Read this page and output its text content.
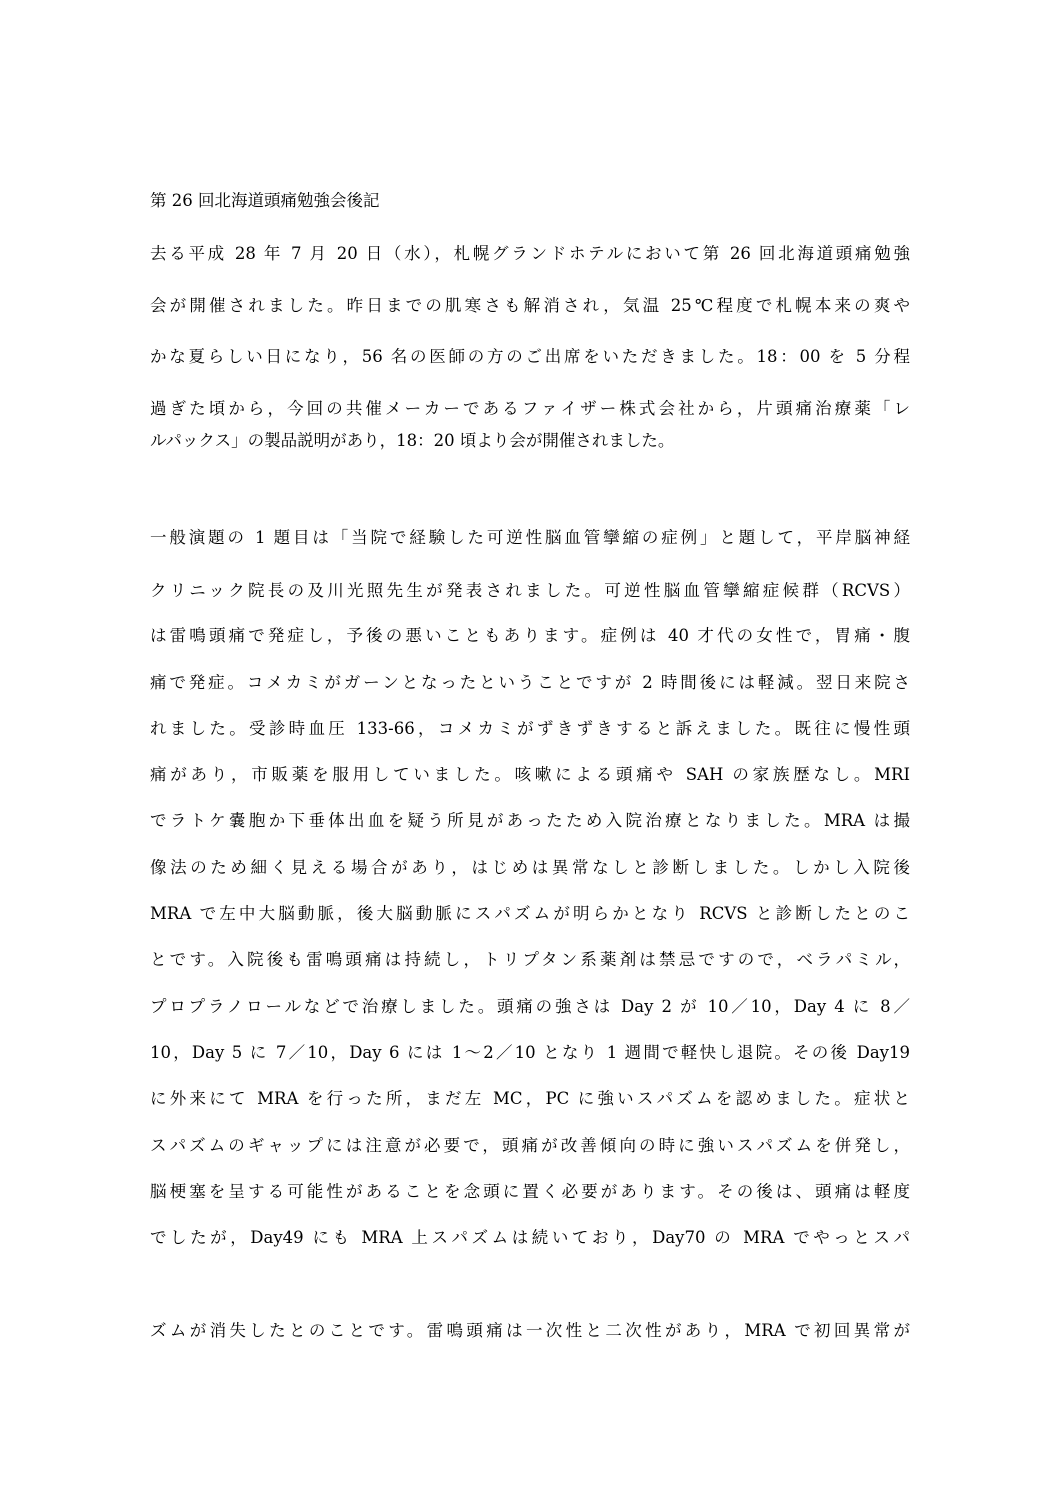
第 26 回北海道頭痛勉強会後記
去る平成 28 年 7 月 20 日（水），札幌グランドホテルにおいて第 26 回北海道頭痛勉強
会が開催されました。昨日までの肌寒さも解消され，気温 25℃程度で札幌本来の爽や
かな夏らしい日になり，56 名の医師の方のご出席をいただきました。18：00 を 5 分程
過ぎた頃から，今回の共催メーカーであるファイザー株式会社から，片頭痛治療薬「レ
ルパックス」の製品説明があり，18：20 頃より会が開催されました。
一般演題の 1 題目は「当院で経験した可逆性脳血管攣縮の症例」と題して，平岸脳神経
クリニック院長の及川光照先生が発表されました。可逆性脳血管攣縮症候群（RCVS）
は雷鳴頭痛で発症し，予後の悪いこともあります。症例は 40 才代の女性で，胃痛・腹
痛で発症。コメカミがガーンとなったということですが 2 時間後には軽減。翌日来院さ
れました。受診時血圧 133-66，コメカミがずきずきすると訴えました。既往に慢性頭
痛があり，市販薬を服用していました。咳嗽による頭痛や SAH の家族歴なし。MRI
でラトケ嚢胞か下垂体出血を疑う所見があったため入院治療となりました。MRA は撮
像法のため細く見える場合があり，はじめは異常なしと診断しました。しかし入院後
MRA で左中大脳動脈，後大脳動脈にスパズムが明らかとなり RCVS と診断したとのこ
とです。入院後も雷鳴頭痛は持続し，トリプタン系薬剤は禁忌ですので，ベラパミル，
プロプラノロールなどで治療しました。頭痛の強さは Day 2 が 10／10，Day 4 に 8／
10，Day 5 に 7／10，Day 6 には 1～2／10 となり 1 週間で軽快し退院。その後 Day19
に外来にて MRA を行った所，まだ左 MC，PC に強いスパズムを認めました。症状と
スパズムのギャップには注意が必要で，頭痛が改善傾向の時に強いスパズムを併発し，
脳梗塞を呈する可能性があることを念頭に置く必要があります。その後は、頭痛は軽度
でしたが，Day49 にも MRA 上スパズムは続いており，Day70 の MRA でやっとスパ
ズムが消失したとのことです。雷鳴頭痛は一次性と二次性があり，MRA で初回異常が
